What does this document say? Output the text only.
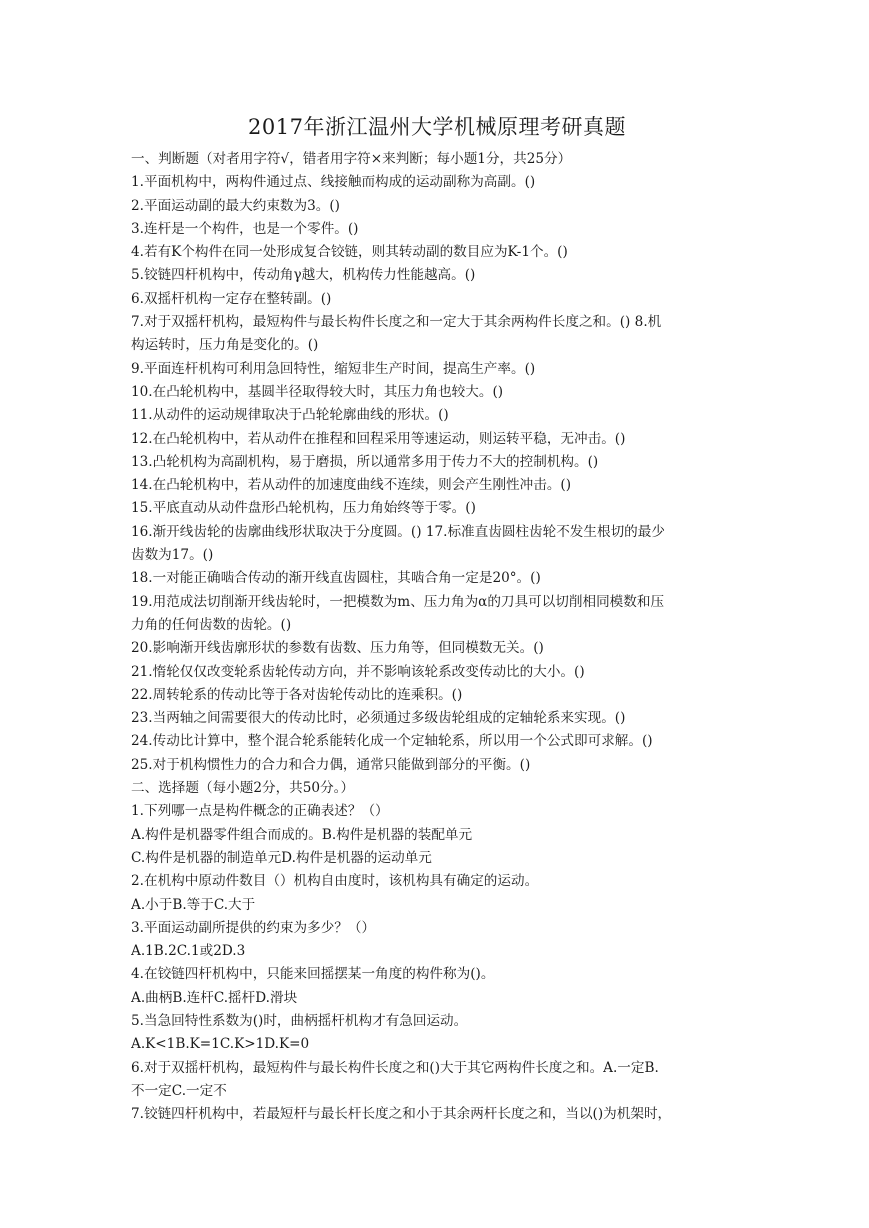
2017年浙江温州大学机械原理考研真题
一、判断题（对者用字符√，错者用字符×来判断；每小题1分，共25分）
1.平面机构中，两构件通过点、线接触而构成的运动副称为高副。()
2.平面运动副的最大约束数为3。()
3.连杆是一个构件，也是一个零件。()
4.若有K个构件在同一处形成复合铰链，则其转动副的数目应为K-1个。()
5.铰链四杆机构中，传动角γ越大，机构传力性能越高。()
6.双摇杆机构一定存在整转副。()
7.对于双摇杆机构，最短构件与最长构件长度之和一定大于其余两构件长度之和。() 8.机
构运转时，压力角是变化的。()
9.平面连杆机构可利用急回特性，缩短非生产时间，提高生产率。()
10.在凸轮机构中，基圆半径取得较大时，其压力角也较大。()
11.从动件的运动规律取决于凸轮轮廓曲线的形状。()
12.在凸轮机构中，若从动件在推程和回程采用等速运动，则运转平稳，无冲击。()
13.凸轮机构为高副机构，易于磨损，所以通常多用于传力不大的控制机构。()
14.在凸轮机构中，若从动件的加速度曲线不连续，则会产生刚性冲击。()
15.平底直动从动件盘形凸轮机构，压力角始终等于零。()
16.渐开线齿轮的齿廓曲线形状取决于分度圆。() 17.标准直齿圆柱齿轮不发生根切的最少
齿数为17。()
18.一对能正确啮合传动的渐开线直齿圆柱，其啮合角一定是20°。()
19.用范成法切削渐开线齿轮时，一把模数为m、压力角为α的刀具可以切削相同模数和压
力角的任何齿数的齿轮。()
20.影响渐开线齿廓形状的参数有齿数、压力角等，但同模数无关。()
21.惰轮仅仅改变轮系齿轮传动方向，并不影响该轮系改变传动比的大小。()
22.周转轮系的传动比等于各对齿轮传动比的连乘积。()
23.当两轴之间需要很大的传动比时，必须通过多级齿轮组成的定轴轮系来实现。()
24.传动比计算中，整个混合轮系能转化成一个定轴轮系，所以用一个公式即可求解。()
25.对于机构惯性力的合力和合力偶，通常只能做到部分的平衡。()
二、选择题（每小题2分，共50分。）
1.下列哪一点是构件概念的正确表述？（）
A.构件是机器零件组合而成的。B.构件是机器的装配单元
C.构件是机器的制造单元D.构件是机器的运动单元
2.在机构中原动件数目（）机构自由度时，该机构具有确定的运动。
A.小于B.等于C.大于
3.平面运动副所提供的约束为多少？（）
A.1B.2C.1或2D.3
4.在铰链四杆机构中，只能来回摇摆某一角度的构件称为()。
A.曲柄B.连杆C.摇杆D.滑块
5.当急回特性系数为()时，曲柄摇杆机构才有急回运动。
A.K<1B.K=1C.K>1D.K=0
6.对于双摇杆机构，最短构件与最长构件长度之和()大于其它两构件长度之和。A.一定B.
不一定C.一定不
7.铰链四杆机构中，若最短杆与最长杆长度之和小于其余两杆长度之和，当以()为机架时，
